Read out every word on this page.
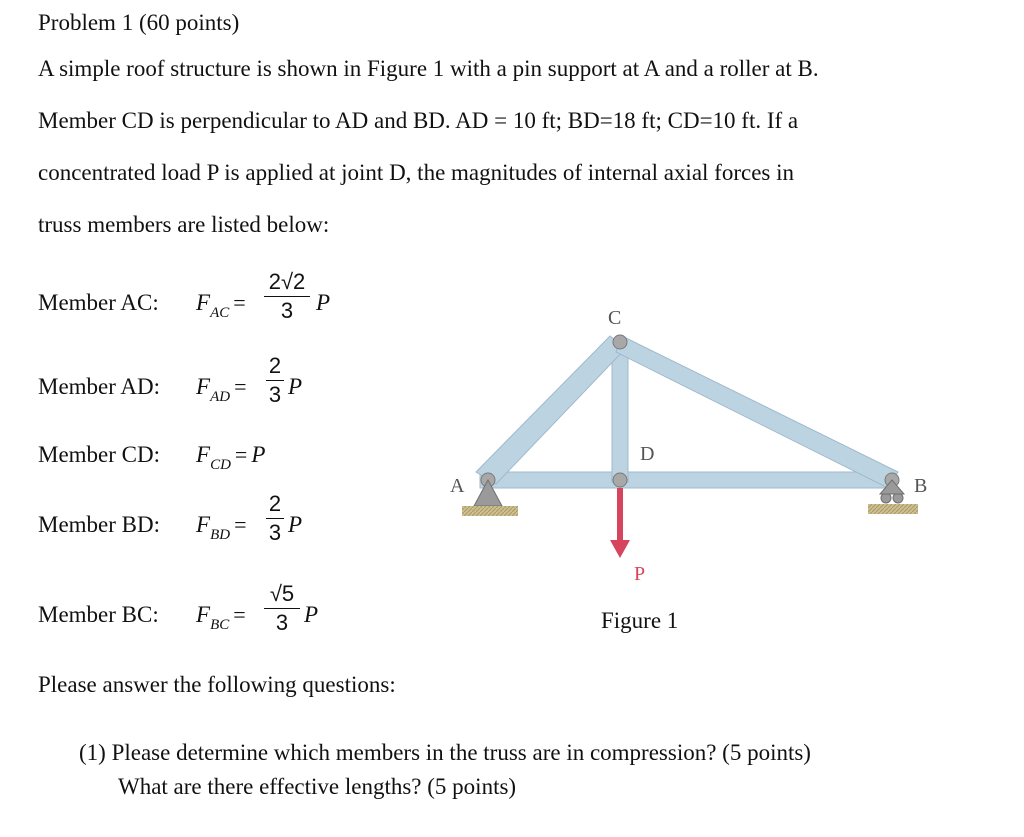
Problem 1 (60 points)
A simple roof structure is shown in Figure 1 with a pin support at A and a roller at B.
Member CD is perpendicular to AD and BD. AD = 10 ft; BD=18 ft; CD=10 ft. If a
concentrated load P is applied at joint D, the magnitudes of internal axial forces in
truss members are listed below:
Member AC: FAC =
2√2
3 P
Member AD: FAD =
2
3 P
Member CD: FCD = P
Member BD: FBD =
2
3 P
Member BC: FBC =
√5
3 P
C
D
A	B
P
Figure 1
Please answer the following questions:
(1) Please determine which members in the truss are in compression? (5 points)
What are there effective lengths? (5 points)
